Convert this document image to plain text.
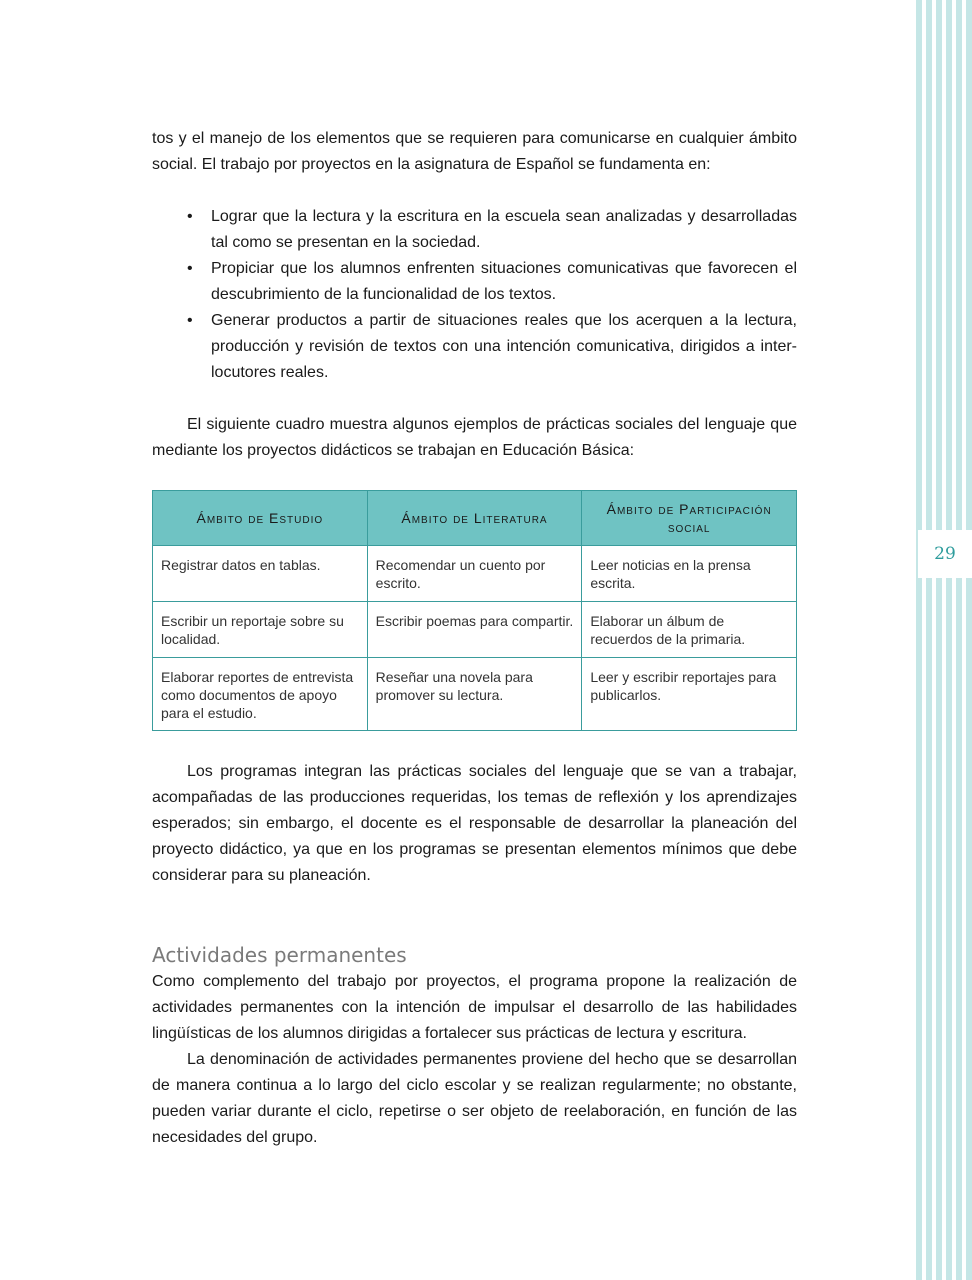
29

tos y el manejo de los elementos que se requieren para comunicarse en cualquier ámbito social. El trabajo por proyectos en la asignatura de Español se fundamenta en:

• Lograr que la lectura y la escritura en la escuela sean analizadas y desarrolladas tal como se presentan en la sociedad.
• Propiciar que los alumnos enfrenten situaciones comunicativas que favorecen el descubrimiento de la funcionalidad de los textos.
• Generar productos a partir de situaciones reales que los acerquen a la lectura, producción y revisión de textos con una intención comunicativa, dirigidos a interlocutores reales.

El siguiente cuadro muestra algunos ejemplos de prácticas sociales del lenguaje que mediante los proyectos didácticos se trabajan en Educación Básica:

Ámbito de Estudio	Ámbito de Literatura	Ámbito de Participación social
Registrar datos en tablas.	Recomendar un cuento por escrito.	Leer noticias en la prensa escrita.
Escribir un reportaje sobre su localidad.	Escribir poemas para compartir.	Elaborar un álbum de recuerdos de la primaria.
Elaborar reportes de entrevista como documentos de apoyo para el estudio.	Reseñar una novela para promover su lectura.	Leer y escribir reportajes para publicarlos.

Los programas integran las prácticas sociales del lenguaje que se van a trabajar, acompañadas de las producciones requeridas, los temas de reflexión y los aprendizajes esperados; sin embargo, el docente es el responsable de desarrollar la planeación del proyecto didáctico, ya que en los programas se presentan elementos mínimos que debe considerar para su planeación.

Actividades permanentes

Como complemento del trabajo por proyectos, el programa propone la realización de actividades permanentes con la intención de impulsar el desarrollo de las habilidades lingüísticas de los alumnos dirigidas a fortalecer sus prácticas de lectura y escritura.

La denominación de actividades permanentes proviene del hecho que se desarrollan de manera continua a lo largo del ciclo escolar y se realizan regularmente; no obstante, pueden variar durante el ciclo, repetirse o ser objeto de reelaboración, en función de las necesidades del grupo.
